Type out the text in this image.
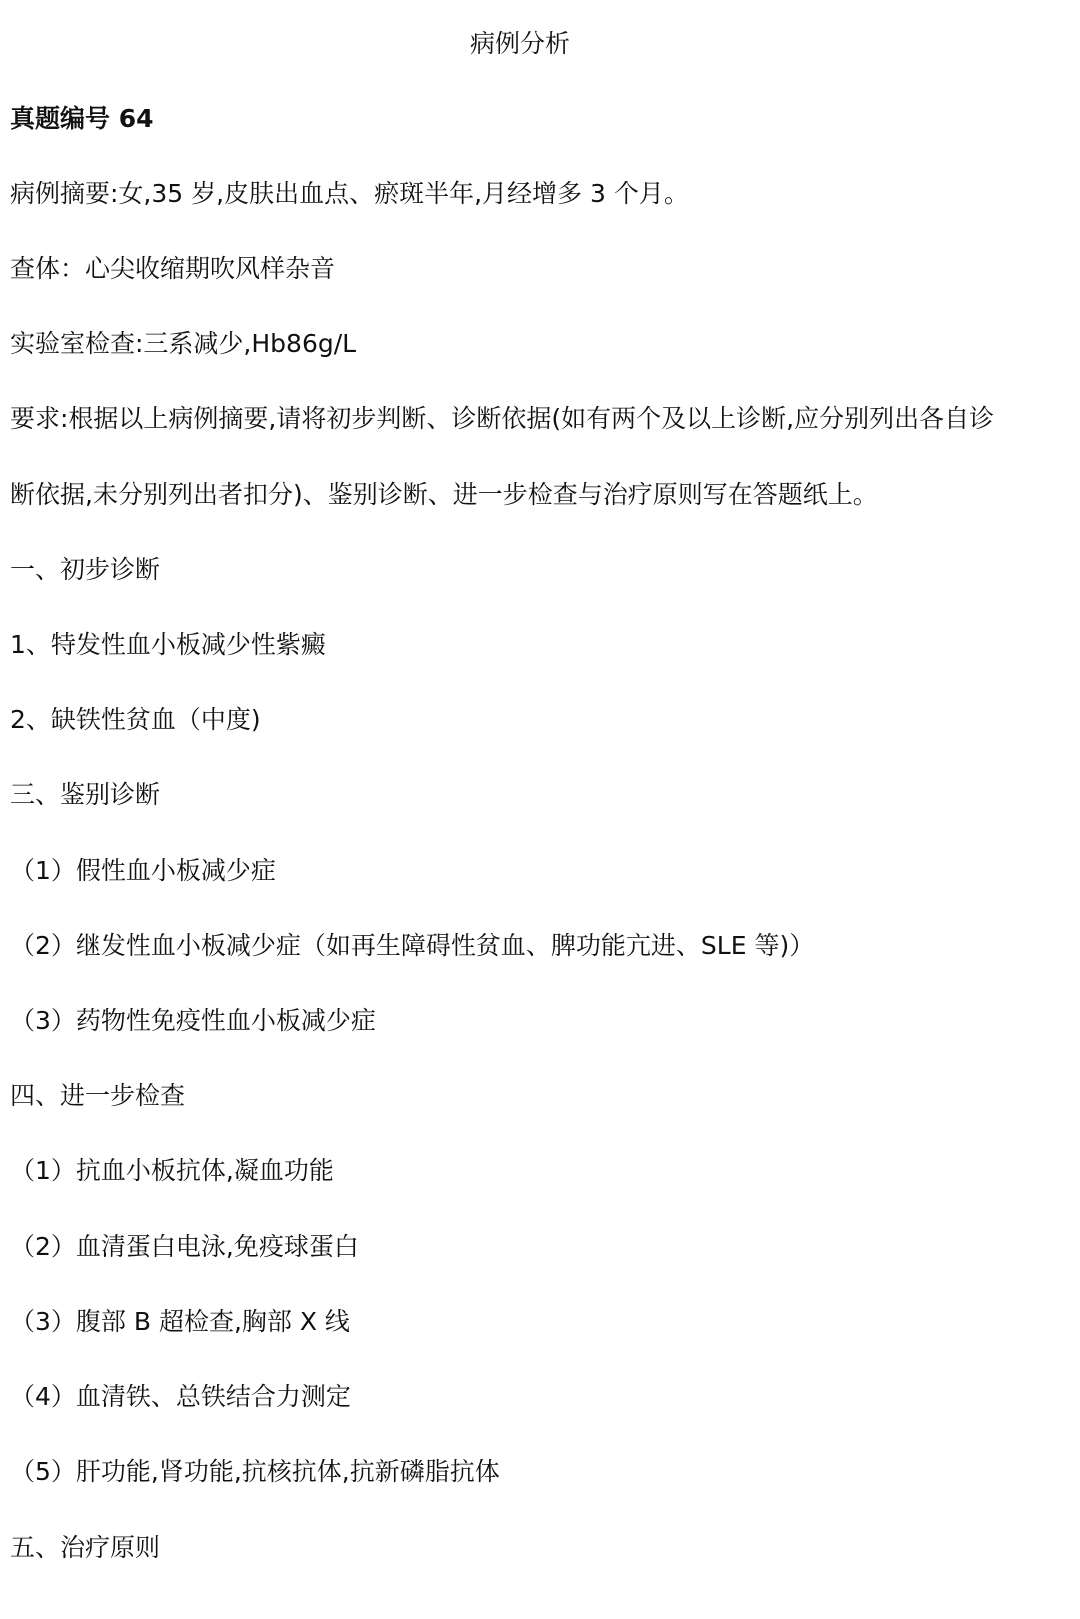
病例分析
真题编号 64
病例摘要:女,35 岁,皮肤出血点、瘀斑半年,月经增多 3 个月。
查体：心尖收缩期吹风样杂音
实验室检查:三系减少,Hb86g/L
要求:根据以上病例摘要,请将初步判断、诊断依据(如有两个及以上诊断,应分别列出各自诊
断依据,未分别列出者扣分)、鉴别诊断、进一步检查与治疗原则写在答题纸上。
一、初步诊断
1、特发性血小板减少性紫癜
2、缺铁性贫血（中度)
三、鉴别诊断
（1）假性血小板减少症
（2）继发性血小板减少症（如再生障碍性贫血、脾功能亢进、SLE 等)）
（3）药物性免疫性血小板减少症
四、进一步检查
（1）抗血小板抗体,凝血功能
（2）血清蛋白电泳,免疫球蛋白
（3）腹部 B 超检查,胸部 X 线
（4）血清铁、总铁结合力测定
（5）肝功能,肾功能,抗核抗体,抗新磷脂抗体
五、治疗原则
